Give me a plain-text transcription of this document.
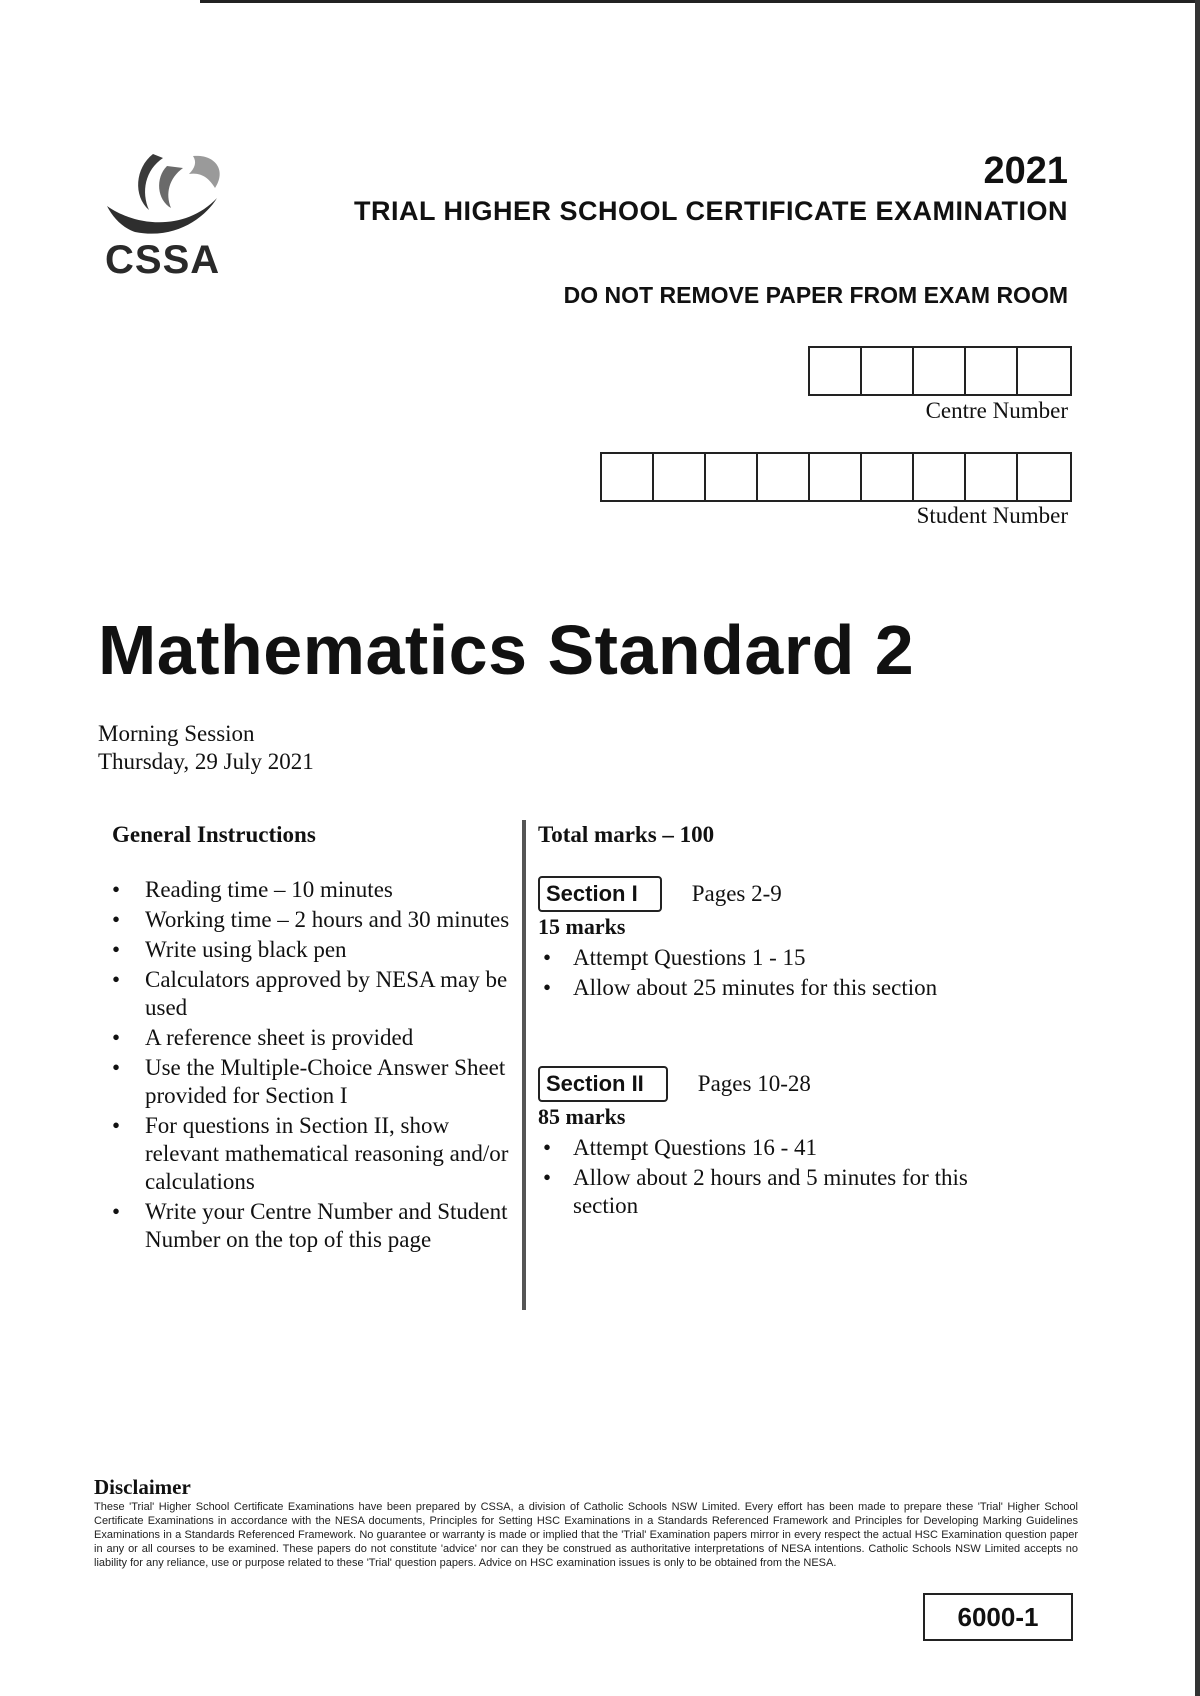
CSSA
2021
TRIAL HIGHER SCHOOL CERTIFICATE EXAMINATION
DO NOT REMOVE PAPER FROM EXAM ROOM
Centre Number
Student Number
Mathematics Standard 2
Morning Session
Thursday, 29 July 2021
General Instructions
• Reading time – 10 minutes
• Working time – 2 hours and 30 minutes
• Write using black pen
• Calculators approved by NESA may be used
• A reference sheet is provided
• Use the Multiple-Choice Answer Sheet provided for Section I
• For questions in Section II, show relevant mathematical reasoning and/or calculations
• Write your Centre Number and Student Number on the top of this page
Total marks – 100
Section I	Pages 2-9
15 marks
• Attempt Questions 1 - 15
• Allow about 25 minutes for this section
Section II	Pages 10-28
85 marks
• Attempt Questions 16 - 41
• Allow about 2 hours and 5 minutes for this section
Disclaimer
These 'Trial' Higher School Certificate Examinations have been prepared by CSSA, a division of Catholic Schools NSW Limited. Every effort has been made to prepare these 'Trial' Higher School Certificate Examinations in accordance with the NESA documents, Principles for Setting HSC Examinations in a Standards Referenced Framework and Principles for Developing Marking Guidelines Examinations in a Standards Referenced Framework. No guarantee or warranty is made or implied that the 'Trial' Examination papers mirror in every respect the actual HSC Examination question paper in any or all courses to be examined. These papers do not constitute 'advice' nor can they be construed as authoritative interpretations of NESA intentions. Catholic Schools NSW Limited accepts no liability for any reliance, use or purpose related to these 'Trial' question papers. Advice on HSC examination issues is only to be obtained from the NESA.
6000-1
